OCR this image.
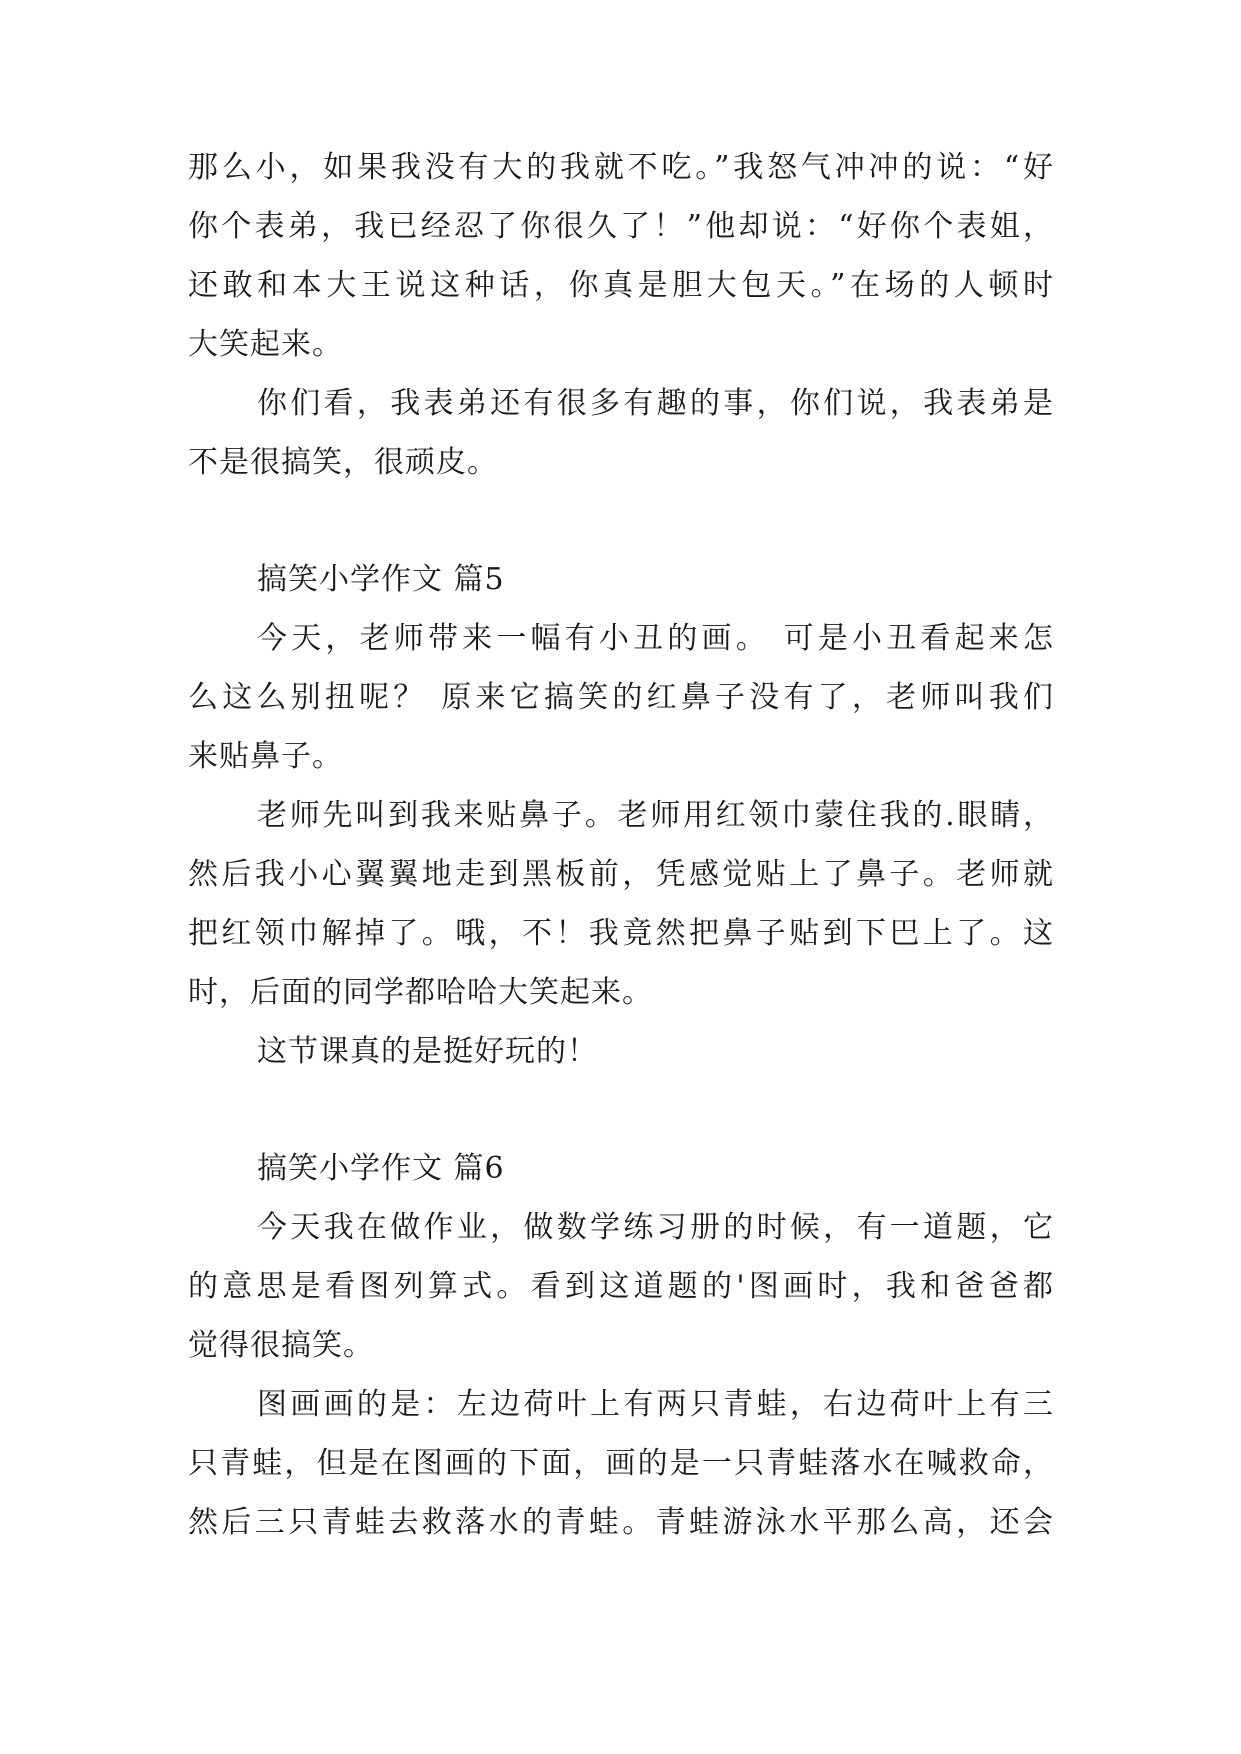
那么小，如果我没有大的我就不吃。”我怒气冲冲的说：“好
你个表弟，我已经忍了你很久了！”他却说：“好你个表姐，
还敢和本大王说这种话，你真是胆大包天。”在场的人顿时
大笑起来。
你们看，我表弟还有很多有趣的事，你们说，我表弟是
不是很搞笑，很顽皮。
搞笑小学作文 篇5
今天，老师带来一幅有小丑的画。 可是小丑看起来怎
么这么别扭呢？ 原来它搞笑的红鼻子没有了，老师叫我们
来贴鼻子。
老师先叫到我来贴鼻子。老师用红领巾蒙住我的.眼睛，
然后我小心翼翼地走到黑板前，凭感觉贴上了鼻子。老师就
把红领巾解掉了。哦，不！我竟然把鼻子贴到下巴上了。这
时，后面的同学都哈哈大笑起来。
这节课真的是挺好玩的！
搞笑小学作文 篇6
今天我在做作业，做数学练习册的时候，有一道题，它
的意思是看图列算式。看到这道题的'图画时，我和爸爸都
觉得很搞笑。
图画画的是：左边荷叶上有两只青蛙，右边荷叶上有三
只青蛙，但是在图画的下面，画的是一只青蛙落水在喊救命，
然后三只青蛙去救落水的青蛙。青蛙游泳水平那么高，还会
